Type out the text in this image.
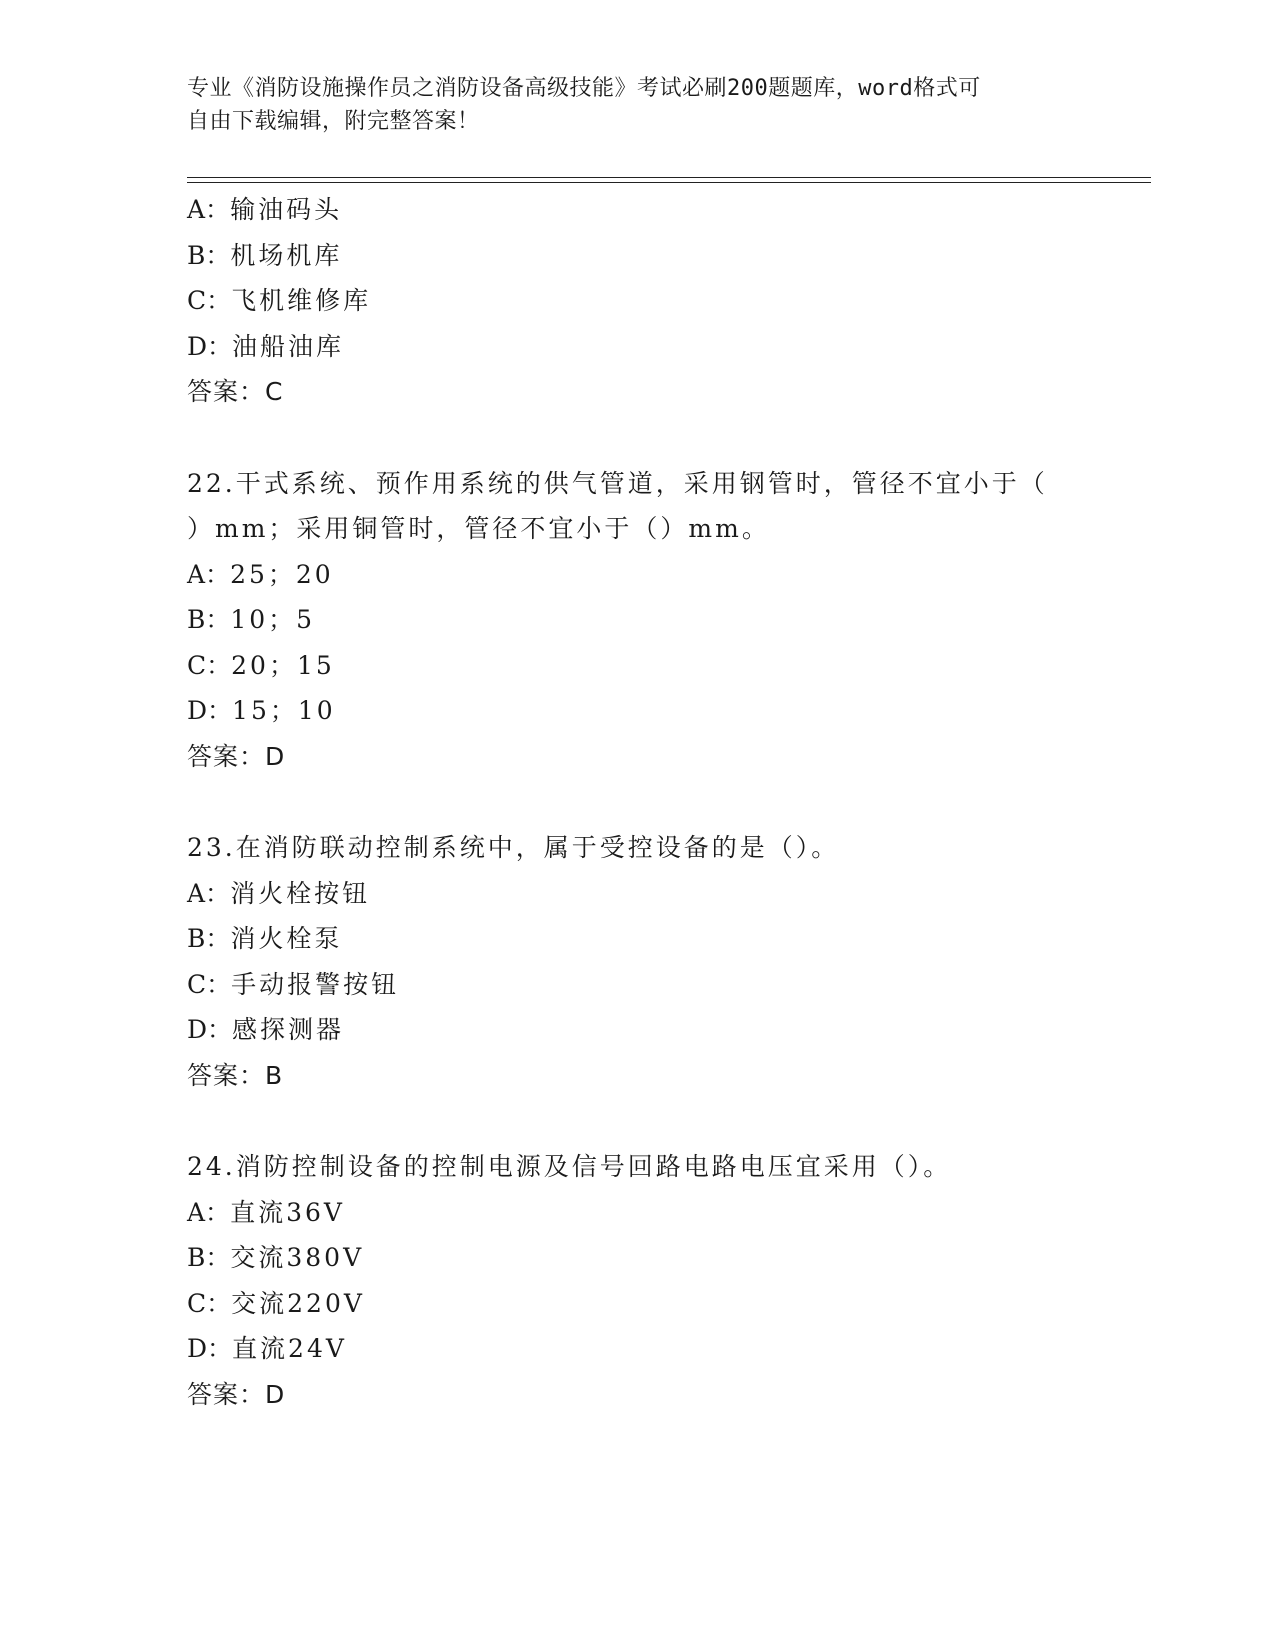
专业《消防设施操作员之消防设备高级技能》考试必刷200题题库，word格式可
自由下载编辑，附完整答案！
A：输油码头
B：机场机库
C：飞机维修库
D：油船油库
答案：C
22.干式系统、预作用系统的供气管道，采用钢管时，管径不宜小于（
）mm；采用铜管时，管径不宜小于（）mm。
A：25；20
B：10；5
C：20；15
D：15；10
答案：D
23.在消防联动控制系统中，属于受控设备的是（）。
A：消火栓按钮
B：消火栓泵
C：手动报警按钮
D：感探测器
答案：B
24.消防控制设备的控制电源及信号回路电路电压宜采用（）。
A：直流36V
B：交流380V
C：交流220V
D：直流24V
答案：D
